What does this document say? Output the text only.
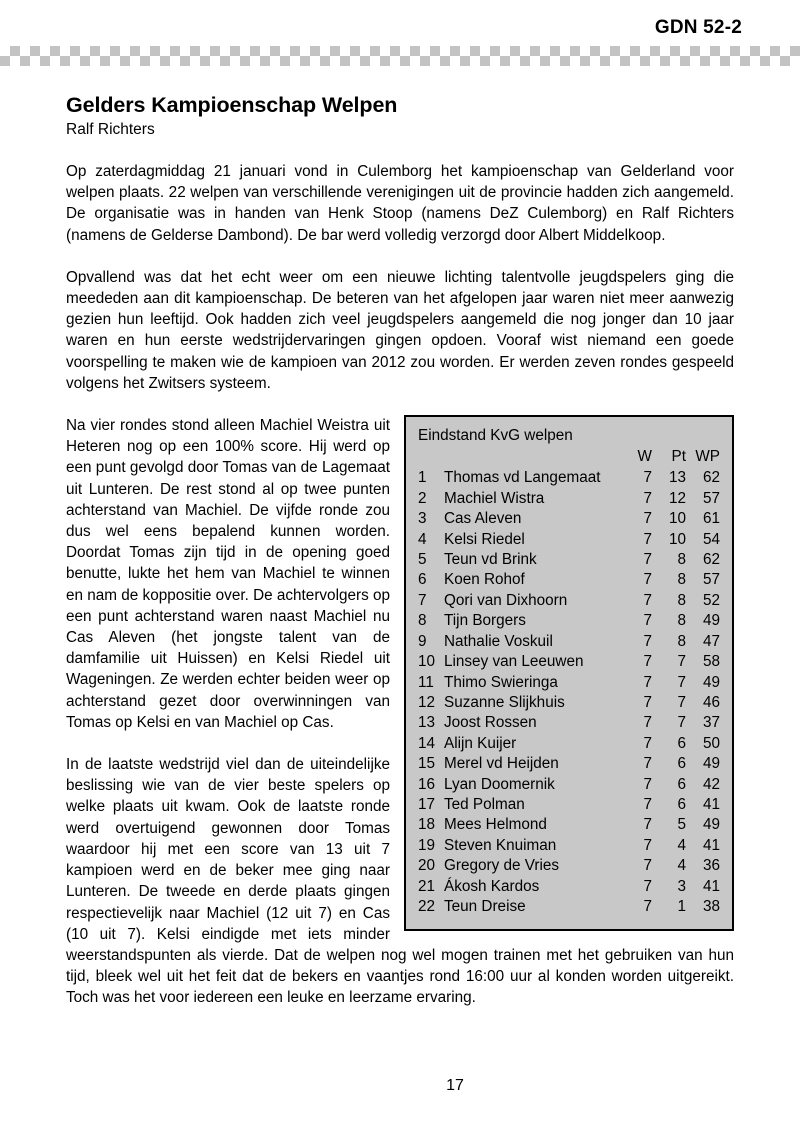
GDN 52-2
Gelders Kampioenschap Welpen
Ralf Richters

Op zaterdagmiddag 21 januari vond in Culemborg het kampioenschap van Gelderland voor welpen plaats. 22 welpen van verschillende verenigingen uit de provincie hadden zich aangemeld. De organisatie was in handen van Henk Stoop (namens DeZ Culemborg) en Ralf Richters (namens de Gelderse Dambond). De bar werd volledig verzorgd door Albert Middelkoop.

Opvallend was dat het echt weer om een nieuwe lichting talentvolle jeugdspelers ging die meededen aan dit kampioenschap. De beteren van het afgelopen jaar waren niet meer aanwezig gezien hun leeftijd. Ook hadden zich veel jeugdspelers aangemeld die nog jonger dan 10 jaar waren en hun eerste wedstrijdervaringen gingen opdoen. Vooraf wist niemand een goede voorspelling te maken wie de kampioen van 2012 zou worden. Er werden zeven rondes gespeeld volgens het Zwitsers systeem.

Eindstand KvG welpen
		W	Pt	WP
1	Thomas vd Langemaat	7	13	62
2	Machiel Wistra	7	12	57
3	Cas Aleven	7	10	61
4	Kelsi Riedel	7	10	54
5	Teun vd Brink	7	8	62
6	Koen Rohof	7	8	57
7	Qori van Dixhoorn	7	8	52
8	Tijn Borgers	7	8	49
9	Nathalie Voskuil	7	8	47
10	Linsey van Leeuwen	7	7	58
11	Thimo Swieringa	7	7	49
12	Suzanne Slijkhuis	7	7	46
13	Joost Rossen	7	7	37
14	Alijn Kuijer	7	6	50
15	Merel vd Heijden	7	6	49
16	Lyan Doomernik	7	6	42
17	Ted Polman	7	6	41
18	Mees Helmond	7	5	49
19	Steven Knuiman	7	4	41
20	Gregory de Vries	7	4	36
21	Ákosh Kardos	7	3	41
22	Teun Dreise	7	1	38

Na vier rondes stond alleen Machiel Weistra uit Heteren nog op een 100% score. Hij werd op een punt gevolgd door Tomas van de Lagemaat uit Lunteren. De rest stond al op twee punten achterstand van Machiel. De vijfde ronde zou dus wel eens bepalend kunnen worden. Doordat Tomas zijn tijd in de opening goed benutte, lukte het hem van Machiel te winnen en nam de koppositie over. De achtervolgers op een punt achterstand waren naast Machiel nu Cas Aleven (het jongste talent van de damfamilie uit Huissen) en Kelsi Riedel uit Wageningen. Ze werden echter beiden weer op achterstand gezet door overwinningen van Tomas op Kelsi en van Machiel op Cas.

In de laatste wedstrijd viel dan de uiteindelijke beslissing wie van de vier beste spelers op welke plaats uit kwam. Ook de laatste ronde werd overtuigend gewonnen door Tomas waardoor hij met een score van 13 uit 7 kampioen werd en de beker mee ging naar Lunteren. De tweede en derde plaats gingen respectievelijk naar Machiel (12 uit 7) en Cas (10 uit 7). Kelsi eindigde met iets minder weerstandspunten als vierde. Dat de welpen nog wel mogen trainen met het gebruiken van hun tijd, bleek wel uit het feit dat de bekers en vaantjes rond 16:00 uur al konden worden uitgereikt. Toch was het voor iedereen een leuke en leerzame ervaring.

17
